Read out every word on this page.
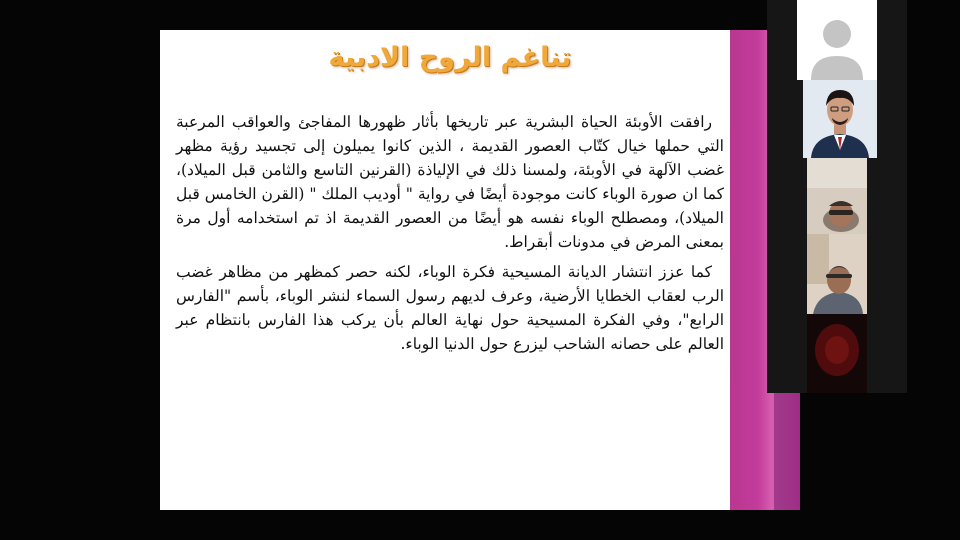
تناغم الروح الادبية

رافقت الأوبئة الحياة البشرية عبر تاريخها بأثار ظهورها المفاجئ والعواقب المرعبة التي حملها خيال كتّاب العصور القديمة ، الذين كانوا يميلون إلى تجسيد رؤية مظهر غضب الآلهة في الأوبئة، ولمسنا ذلك في الإلياذة (القرنين التاسع والثامن قبل الميلاد)، كما ان صورة الوباء كانت موجودة أيضًا في رواية " أوديب الملك " (القرن الخامس قبل الميلاد)، ومصطلح الوباء نفسه هو أيضًا من العصور القديمة اذ تم استخدامه أول مرة بمعنى المرض في مدونات أبقراط.

كما عزز انتشار الديانة المسيحية فكرة الوباء، لكنه حصر كمظهر من مظاهر غضب الرب لعقاب الخطايا الأرضية، وعرف لديهم رسول السماء لنشر الوباء، بأسم "الفارس الرابع"، وفي الفكرة المسيحية حول نهاية العالم بأن يركب هذا الفارس بانتظام عبر العالم على حصانه الشاحب ليزرع حول الدنيا الوباء.
